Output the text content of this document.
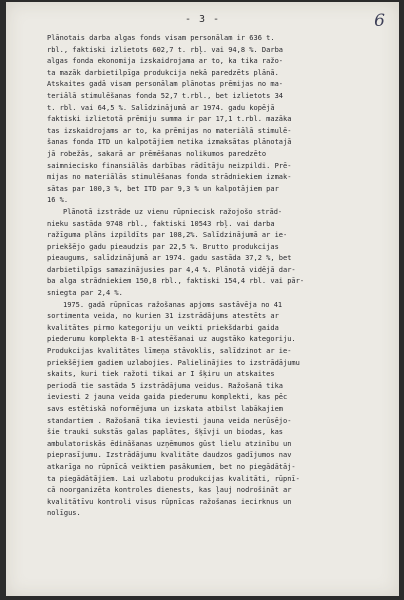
- 3 -	6
Plānotais darba algas fonds visam personālam ir 636 t.
rbl., faktiski izlietots 602,7 t. rbļ. vai 94,8 %. Darba
algas fonda ekonomija izskaidrojama ar to, ka tika ražo-
ta mazāk darbietilpīga produkcija nekā paredzēts plānā.
Atskaites gadā visam personālam plānotas prēmijas no ma-
teriālā stimulēšanas fonda 52,7 t.rbl., bet izlietots 34
t. rbl. vai 64,5 %. Salīdzinājumā ar 1974. gadu kopējā
faktiski izlietotā prēmiju summa ir par 17,1 t.rbl. mazāka
tas izskaidrojams ar to, ka prēmijas no materiālā stimulē-
šanas fonda ITD un kalpotājiem netika izmaksātas plānotajā
jā robežās, sakarā ar prēmēšanas nolikumos paredzēto
saimniecisko finansiālās darbības rādītāju neizpildi. Prē-
mijas no materiālās stimulēšanas fonda strādniekiem izmak-
sātas par 100,3 %, bet ITD par 9,3 % un kalpotājiem par
16 %.
Plānotā izstrāde uz vienu rūpniecisk ražojošo strād-
nieku sastāda 9748 rbl., faktiski 10543 rbļ. vai darba
ražīguma plāns izpildīts par 108,2%. Salīdzinājumā ar ie-
priekšējo gadu pieaudzis par 22,5 %. Brutto produkcijas
pieaugums, salīdzinājumā ar 1974. gadu sastāda 37,2 %, bet
darbietilpīgs samazinājusies par 4,4 %. Plānotā vidējā dar-
ba alga strādniekiem 150,8 rbl., faktiski 154,4 rbl. vai pār-
sniegta par 2,4 %.
1975. gadā rūpnīcas ražošanas apjoms sastāvēja no 41
sortimenta veida, no kurien 31 izstrādājums atestēts ar
kvalitātes pirmo kategoriju un veikti priekšdarbi gaida
piederumu komplekta B-1 atestēšanai uz augstāko kategoriju.
Produkcijas kvalitātes līmeņa stāvoklis, salīdzinot ar ie-
priekšējiem gadiem uzlabojies. Palielinājies to izstrādājumu
skaits, kuri tiek ražoti tikai ar I šķiru un atskaites
periodā tie sastāda 5 izstrādājuma veidus. Ražošanā tika
ieviesti 2 jauna veida gaida piederumu komplekti, kas pēc
savs estētiskā noformējuma un izskata atbilst labākajiem
standartiem . Ražošanā tika ieviesti jauna veida nerūsējo-
šie trauki sukstās galas paplātes, šķīvji un biodas, kas
ambulatoriskās ēdināšanas uzņēmumos gūst lielu atzinību un
pieprasījumu. Izstrādājumu kvalitāte daudzos gadījumos nav
atkarīga no rūpnīcā veiktiem pasākumiem, bet no piegādātāj-
ta piegādātājiem. Lai uzlabotu produkcijas kvalitāti, rūpnī-
cā noorganizēta kontroles dienests, kas ļauj nodrošināt ar
kvalitātīvu kontroli visus rūpnīcas ražošanas iecirknus un
nolīgus.
